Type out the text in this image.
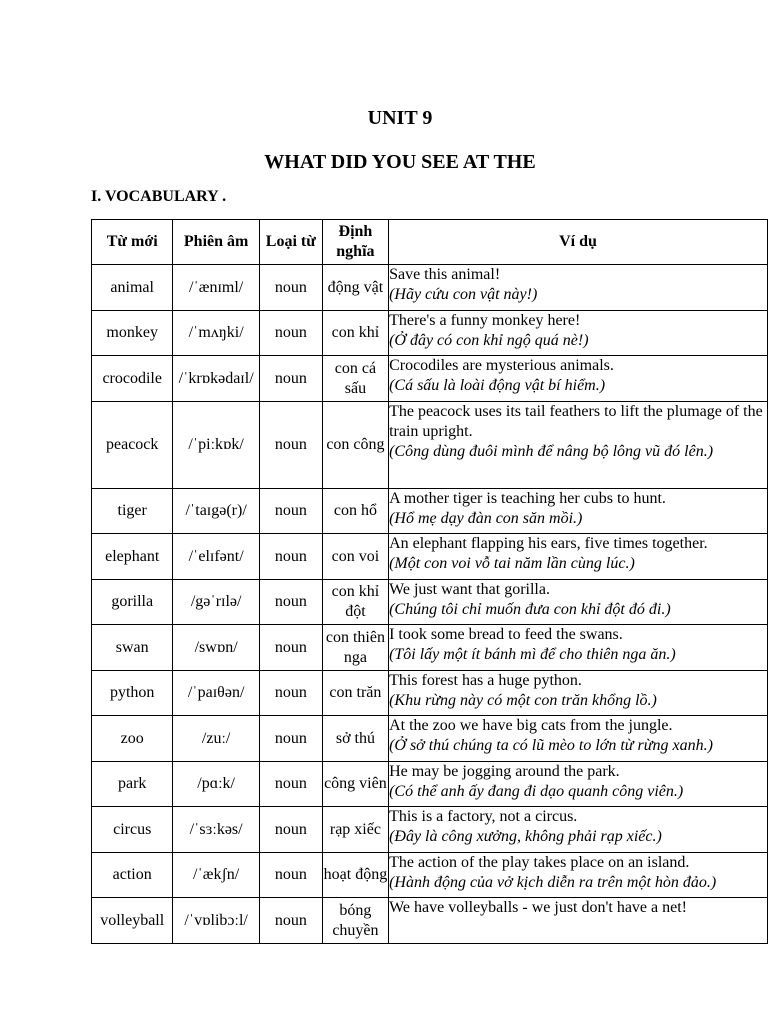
UNIT 9
WHAT DID YOU SEE AT THE
I. VOCABULARY .
Từ mới	Phiên âm	Loại từ	Định nghĩa	Ví dụ
animal	/ˈænɪml/	noun	động vật	Save this animal!
(Hãy cứu con vật này!)

monkey	/ˈmʌŋki/	noun	con khỉ	There's a funny monkey here!
(Ở đây có con khỉ ngộ quá nè!)

crocodile	/ˈkrɒkədaɪl/	noun	con cá sấu	Crocodiles are mysterious animals.
(Cá sấu là loài động vật bí hiểm.)

peacock	/ˈpiːkɒk/	noun	con công	The peacock uses its tail feathers to lift the plumage of the train upright.
(Công dùng đuôi mình để nâng bộ lông vũ đó lên.)

tiger	/ˈtaɪgə(r)/	noun	con hổ	A mother tiger is teaching her cubs to hunt.
(Hổ mẹ dạy đàn con săn mồi.)

elephant	/ˈelɪfənt/	noun	con voi	An elephant flapping his ears, five times together.
(Một con voi vỗ tai năm lần cùng lúc.)

gorilla	/gəˈrɪlə/	noun	con khỉ đột	We just want that gorilla.
(Chúng tôi chỉ muốn đưa con khỉ đột đó đi.)

swan	/swɒn/	noun	con thiên nga	I took some bread to feed the swans.
(Tôi lấy một ít bánh mì để cho thiên nga ăn.)

python	/ˈpaɪθən/	noun	con trăn	This forest has a huge python.
(Khu rừng này có một con trăn khổng lồ.)

zoo	/zuː/	noun	sở thú	At the zoo we have big cats from the jungle.
(Ở sở thú chúng ta có lũ mèo to lớn từ rừng xanh.)

park	/pɑːk/	noun	công viên	He may be jogging around the park.
(Có thể anh ấy đang đi dạo quanh công viên.)

circus	/ˈsɜːkəs/	noun	rạp xiếc	This is a factory, not a circus.
(Đây là công xưởng, không phải rạp xiếc.)

action	/ˈækʃn/	noun	hoạt động	The action of the play takes place on an island.
(Hành động của vở kịch diễn ra trên một hòn đảo.)

volleyball	/ˈvɒlibɔːl/	noun	bóng chuyền	We have volleyballs - we just don't have a net!
